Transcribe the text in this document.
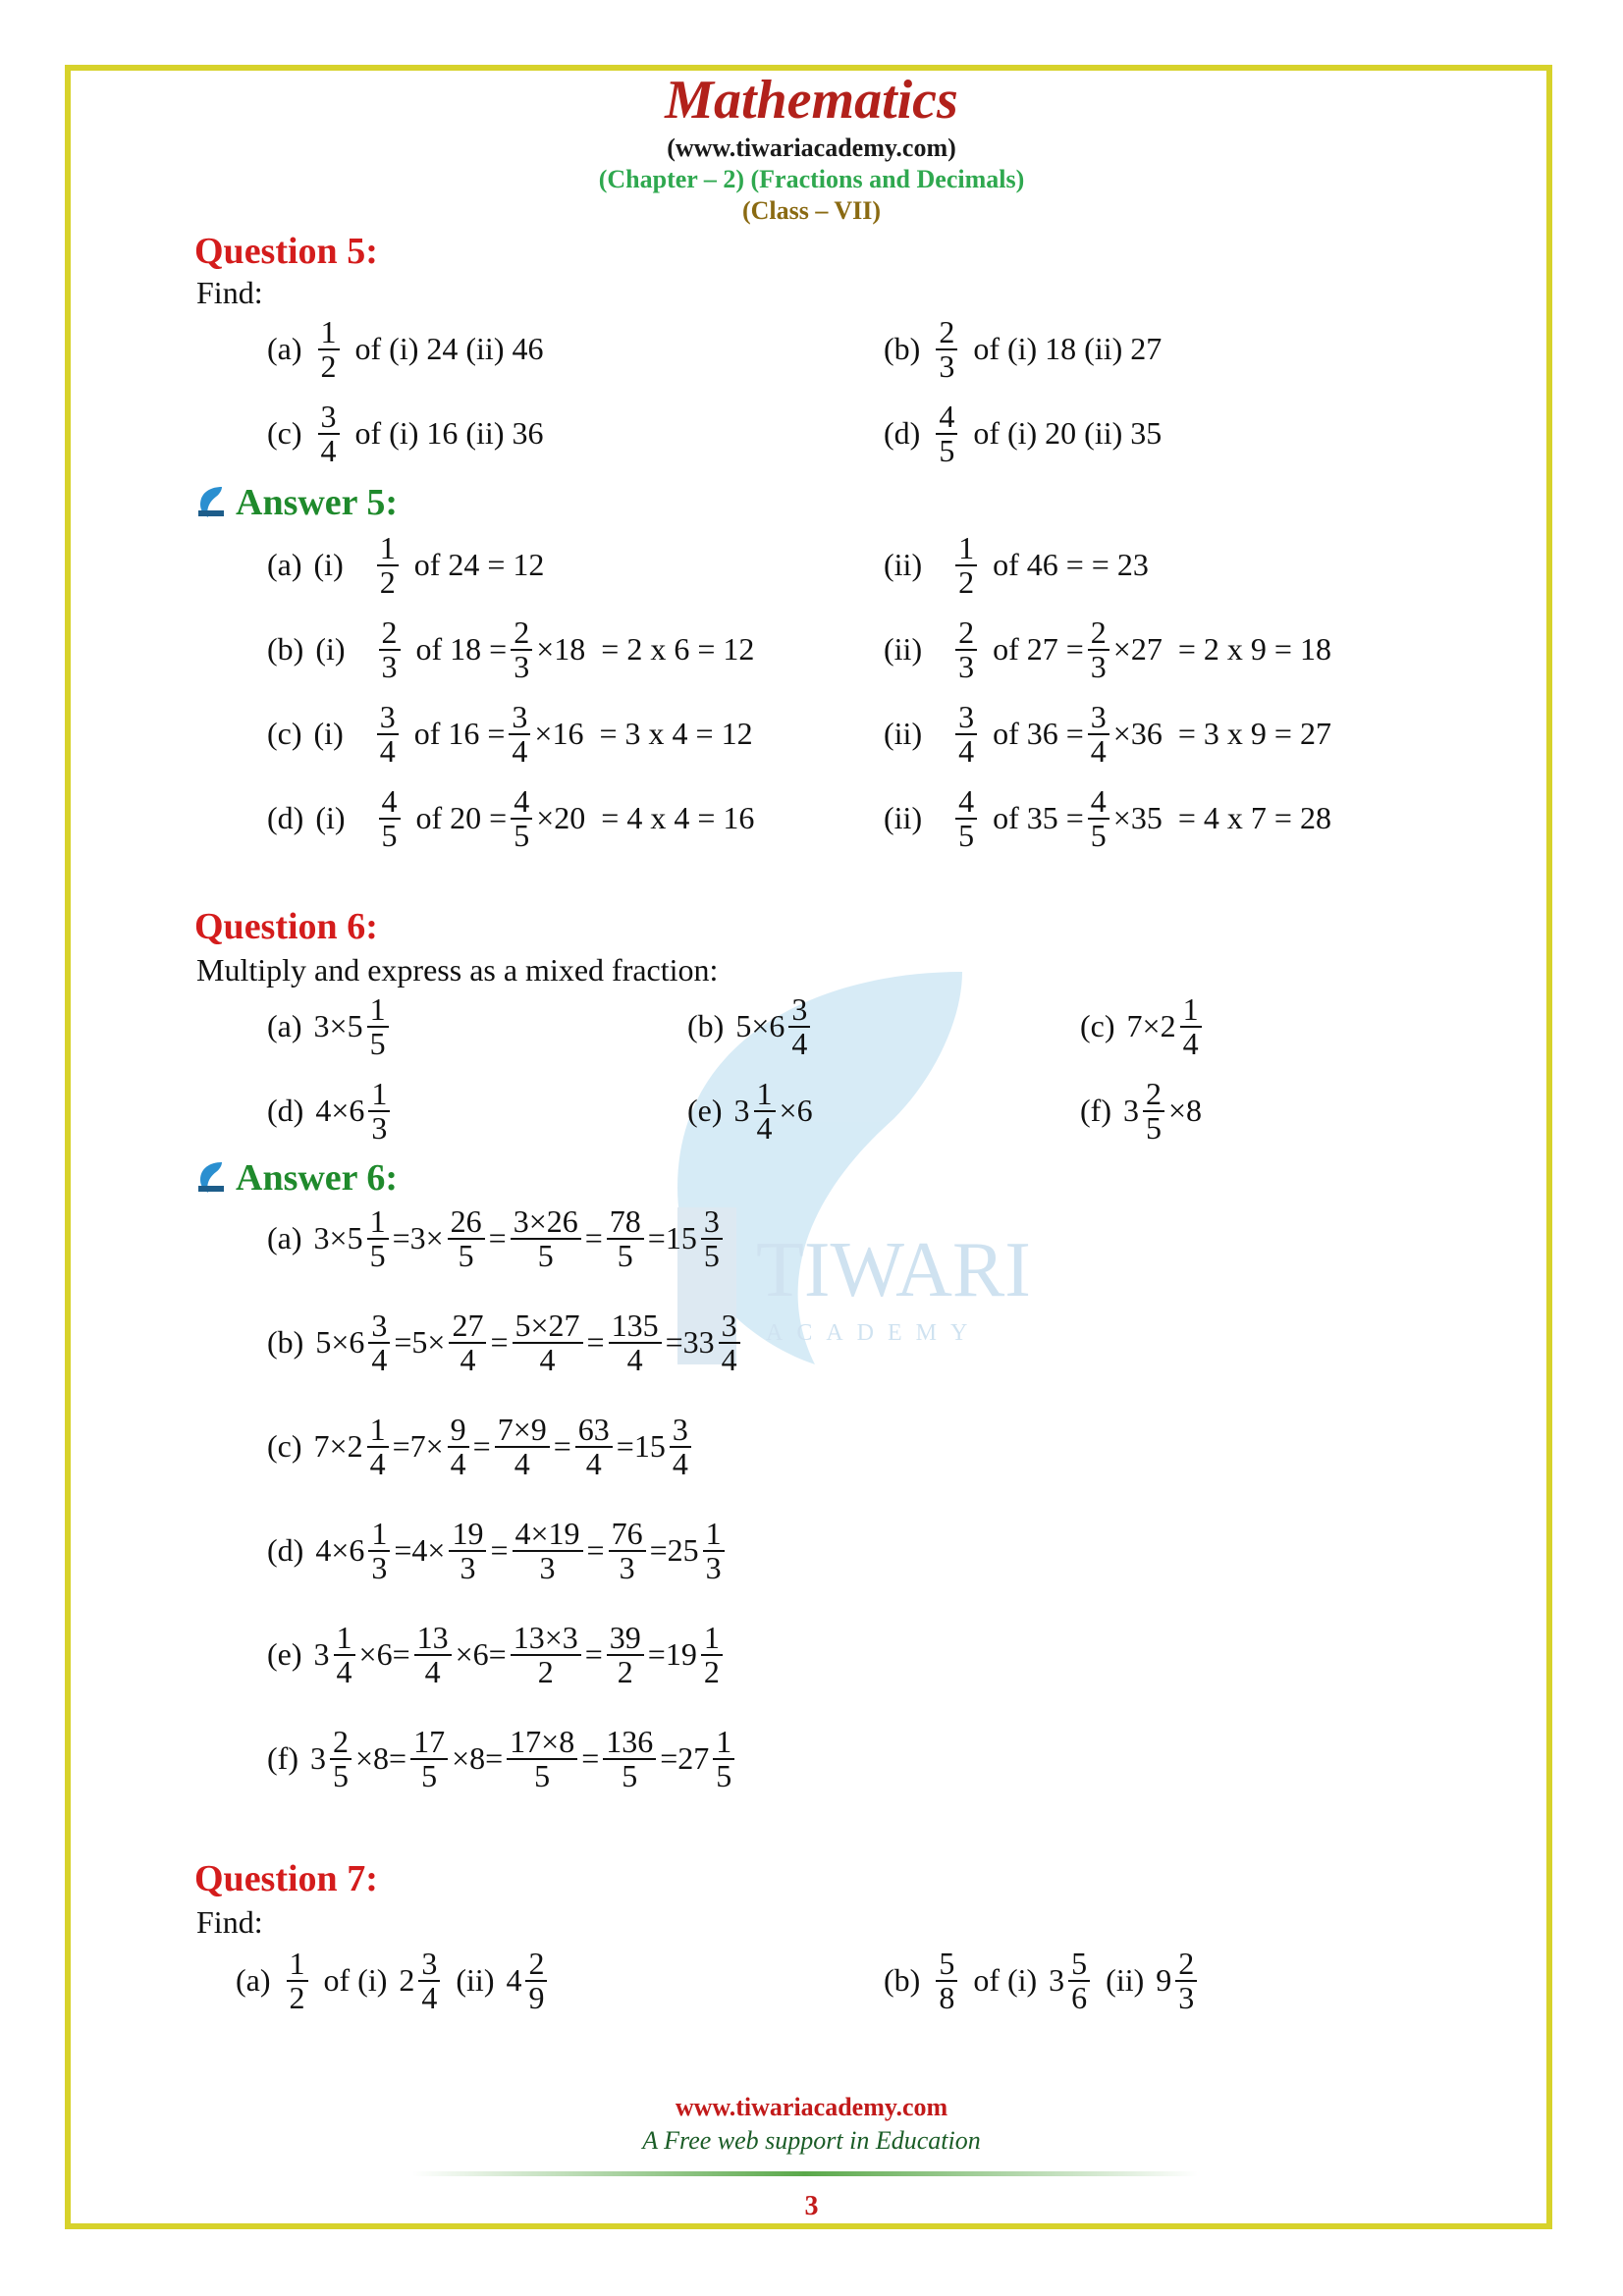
TIWARI
ACADEMY
Mathematics
(www.tiwariacademy.com)
(Chapter – 2) (Fractions and Decimals)
(Class – VII)
Question 5:
Find:
$(a) \frac{1}{2}$ of (i) 24 (ii) 46	$(b) \frac{2}{3}$ of (i) 18 (ii) 27
$(c) \frac{3}{4}$ of (i) 16 (ii) 36	$(d) \frac{4}{5}$ of (i) 20 (ii) 35
Answer 5:
(a) $(i) \frac{1}{2}$ of 24 = 12	$(ii) \frac{1}{2}$ of 46 = = 23
(b) $(i) \frac{2}{3}$ of $18 = \frac{2}{3} \times 18 = 2$ x 6 = 12	$(ii) \frac{2}{3}$ of $27 = \frac{2}{3} \times 27 = 2$ x 9 = 18
(c) $(i) \frac{3}{4}$ of $16 = \frac{3}{4} \times 16 = 3$ x 4 = 12	$(ii) \frac{3}{4}$ of $36 = \frac{3}{4} \times 36 = 3$ x 9 = 27
(d) $(i) \frac{4}{5}$ of $20 = \frac{4}{5} \times 20 = 4$ x 4 = 16	$(ii) \frac{4}{5}$ of $35 = \frac{4}{5} \times 35 = 4$ x 7 = 28
Question 6:
Multiply and express as a mixed fraction:
(a) $3\times 5 \frac{1}{5}$	(b) $5\times 6 \frac{3}{4}$	(c) $7\times 2 \frac{1}{4}$
(d) $4\times 6 \frac{1}{3}$	(e) $3 \frac{1}{4} \times 6$	(f) $3 \frac{2}{5} \times 8$
Answer 6:
(a) $3\times 5 \frac{1}{5} =3\times \frac{26}{5} = \frac{3\times 26}{5} = \frac{78}{5} =15 \frac{3}{5}$
(b) $5\times 6 \frac{3}{4} =5\times \frac{27}{4} = \frac{5\times 27}{4} = \frac{135}{4} =33 \frac{3}{4}$
(c) $7\times 2 \frac{1}{4} =7\times \frac{9}{4} = \frac{7\times 9}{4} = \frac{63}{4} =15 \frac{3}{4}$
(d) $4\times 6 \frac{1}{3} =4\times \frac{19}{3} = \frac{4\times 19}{3} = \frac{76}{3} =25 \frac{1}{3}$
(e) $3 \frac{1}{4} \times 6= \frac{13}{4} \times 6= \frac{13\times 3}{2} = \frac{39}{2} =19 \frac{1}{2}$
(f) $3 \frac{2}{5} \times 8= \frac{17}{5} \times 8= \frac{17\times 8}{5} = \frac{136}{5} =27 \frac{1}{5}$
Question 7:
Find:
$(a) \frac{1}{2}$ of (i) $2 \frac{3}{4} (ii)$ $4 \frac{2}{9}$	$(b) \frac{5}{8}$ of (i) $3 \frac{5}{6} (ii)$ $9 \frac{2}{3}$
www.tiwariacademy.com
A Free web support in Education
3
